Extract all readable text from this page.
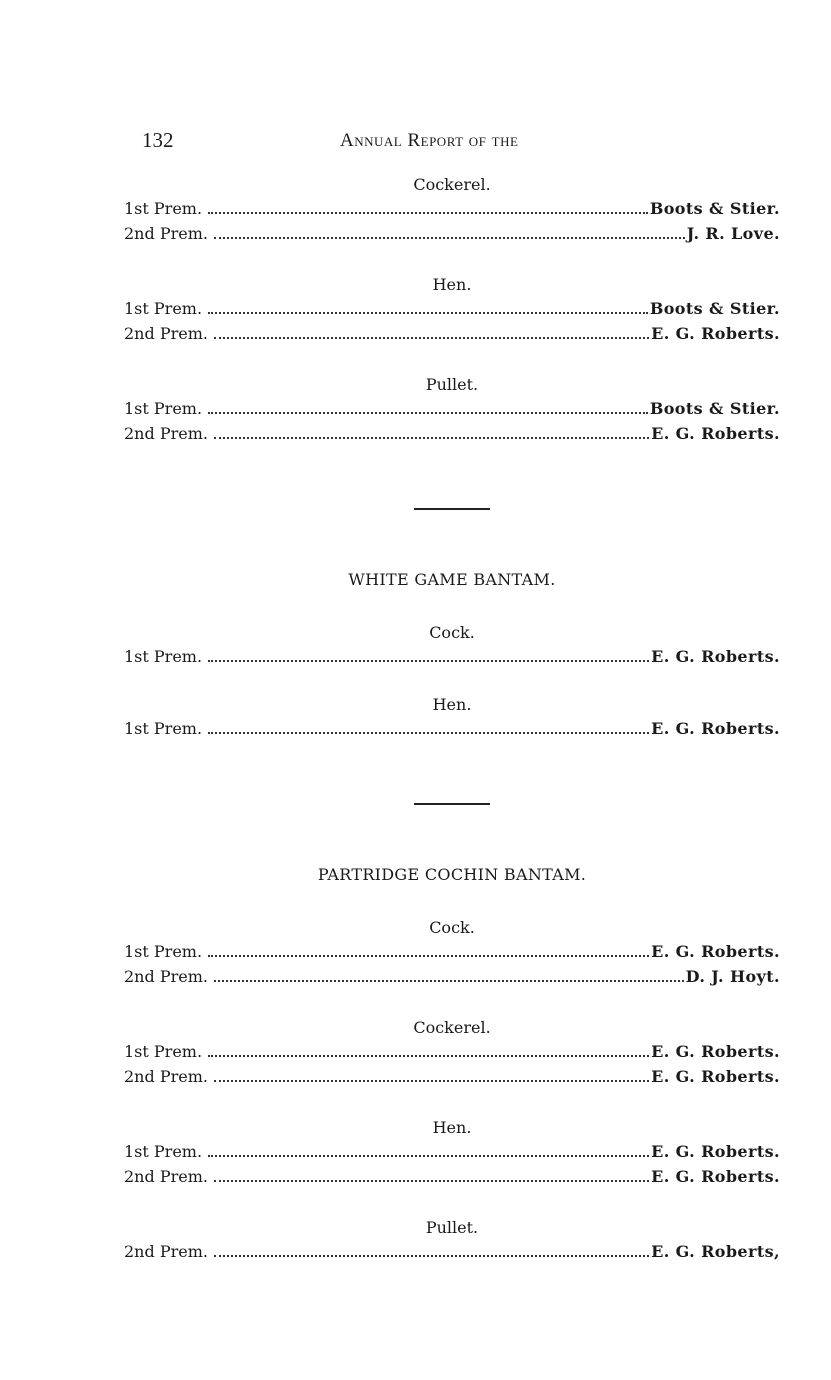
132	Annual Report of the

Cockerel.

1st Prem.	Boots & Stier.
2nd Prem.	J. R. Love.

Hen.

1st Prem.	Boots & Stier.
2nd Prem.	E. G. Roberts.

Pullet.

1st Prem.	Boots & Stier.
2nd Prem.	E. G. Roberts.

WHITE GAME BANTAM.

Cock.

1st Prem.	E. G. Roberts.

Hen.

1st Prem.	E. G. Roberts.

PARTRIDGE COCHIN BANTAM.

Cock.

1st Prem.	E. G. Roberts.
2nd Prem.	D. J. Hoyt.

Cockerel.

1st Prem.	E. G. Roberts.
2nd Prem.	E. G. Roberts.

Hen.

1st Prem.	E. G. Roberts.
2nd Prem.	E. G. Roberts.

Pullet.

2nd Prem.	E. G. Roberts,
